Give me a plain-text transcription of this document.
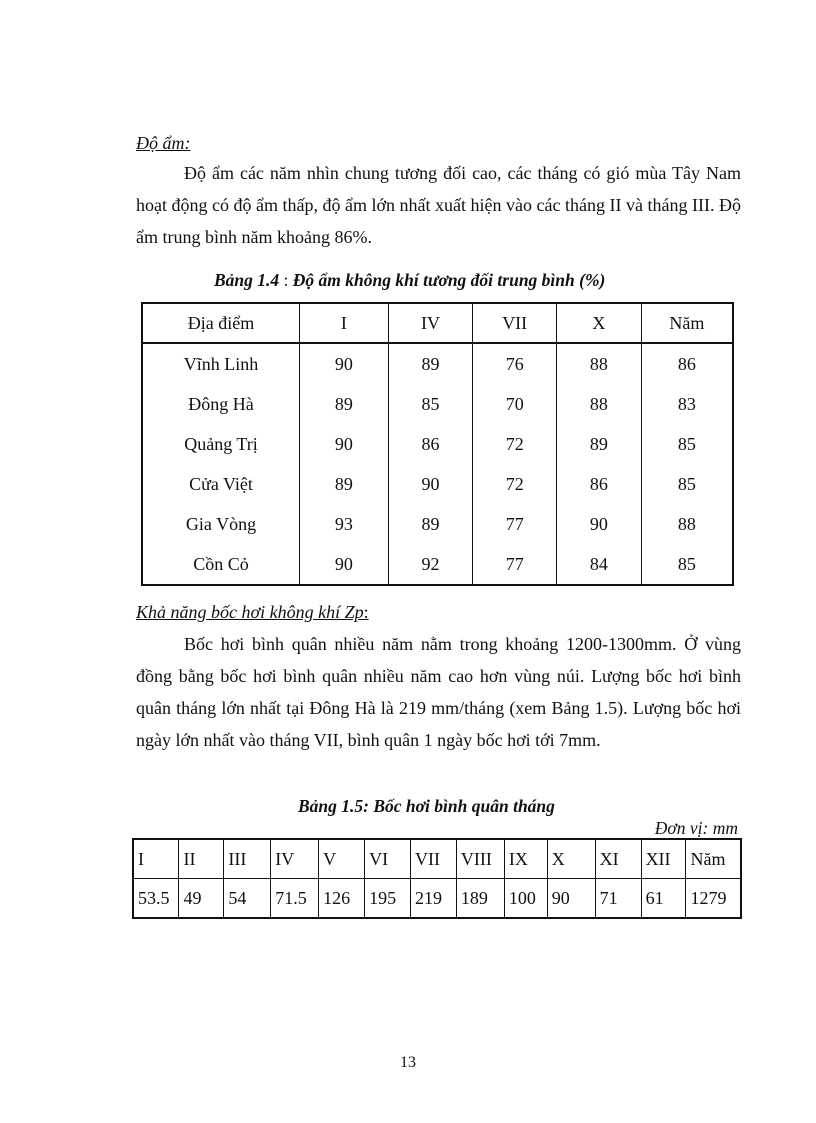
Độ ẩm:

Độ ẩm các năm nhìn chung tương đối cao, các tháng có gió mùa Tây Nam hoạt động có độ ẩm thấp, độ ẩm lớn nhất xuất hiện vào các tháng II và tháng III. Độ ẩm trung bình năm khoảng 86%.

Bảng 1.4 : Độ ẩm không khí tương đối trung bình (%)
Địa điểm	I	IV	VII	X	Năm
Vĩnh Linh	90	89	76	88	86
Đông Hà	89	85	70	88	83
Quảng Trị	90	86	72	89	85
Cửa Việt	89	90	72	86	85
Gia Vòng	93	89	77	90	88
Cồn Cỏ	90	92	77	84	85
Khả năng bốc hơi không khí Zp:

Bốc hơi bình quân nhiều năm nằm trong khoảng 1200-1300mm. Ở vùng đồng bằng bốc hơi bình quân nhiều năm cao hơn vùng núi. Lượng bốc hơi bình quân tháng lớn nhất tại Đông Hà là 219 mm/tháng (xem Bảng 1.5). Lượng bốc hơi ngày lớn nhất vào tháng VII, bình quân 1 ngày bốc hơi tới 7mm.

Bảng 1.5: Bốc hơi bình quân tháng
Đơn vị: mm
I	II	III	IV	V	VI	VII	VIII	IX	X	XI	XII	Năm
53.5	49	54	71.5	126	195	219	189	100	90	71	61	1279
13
